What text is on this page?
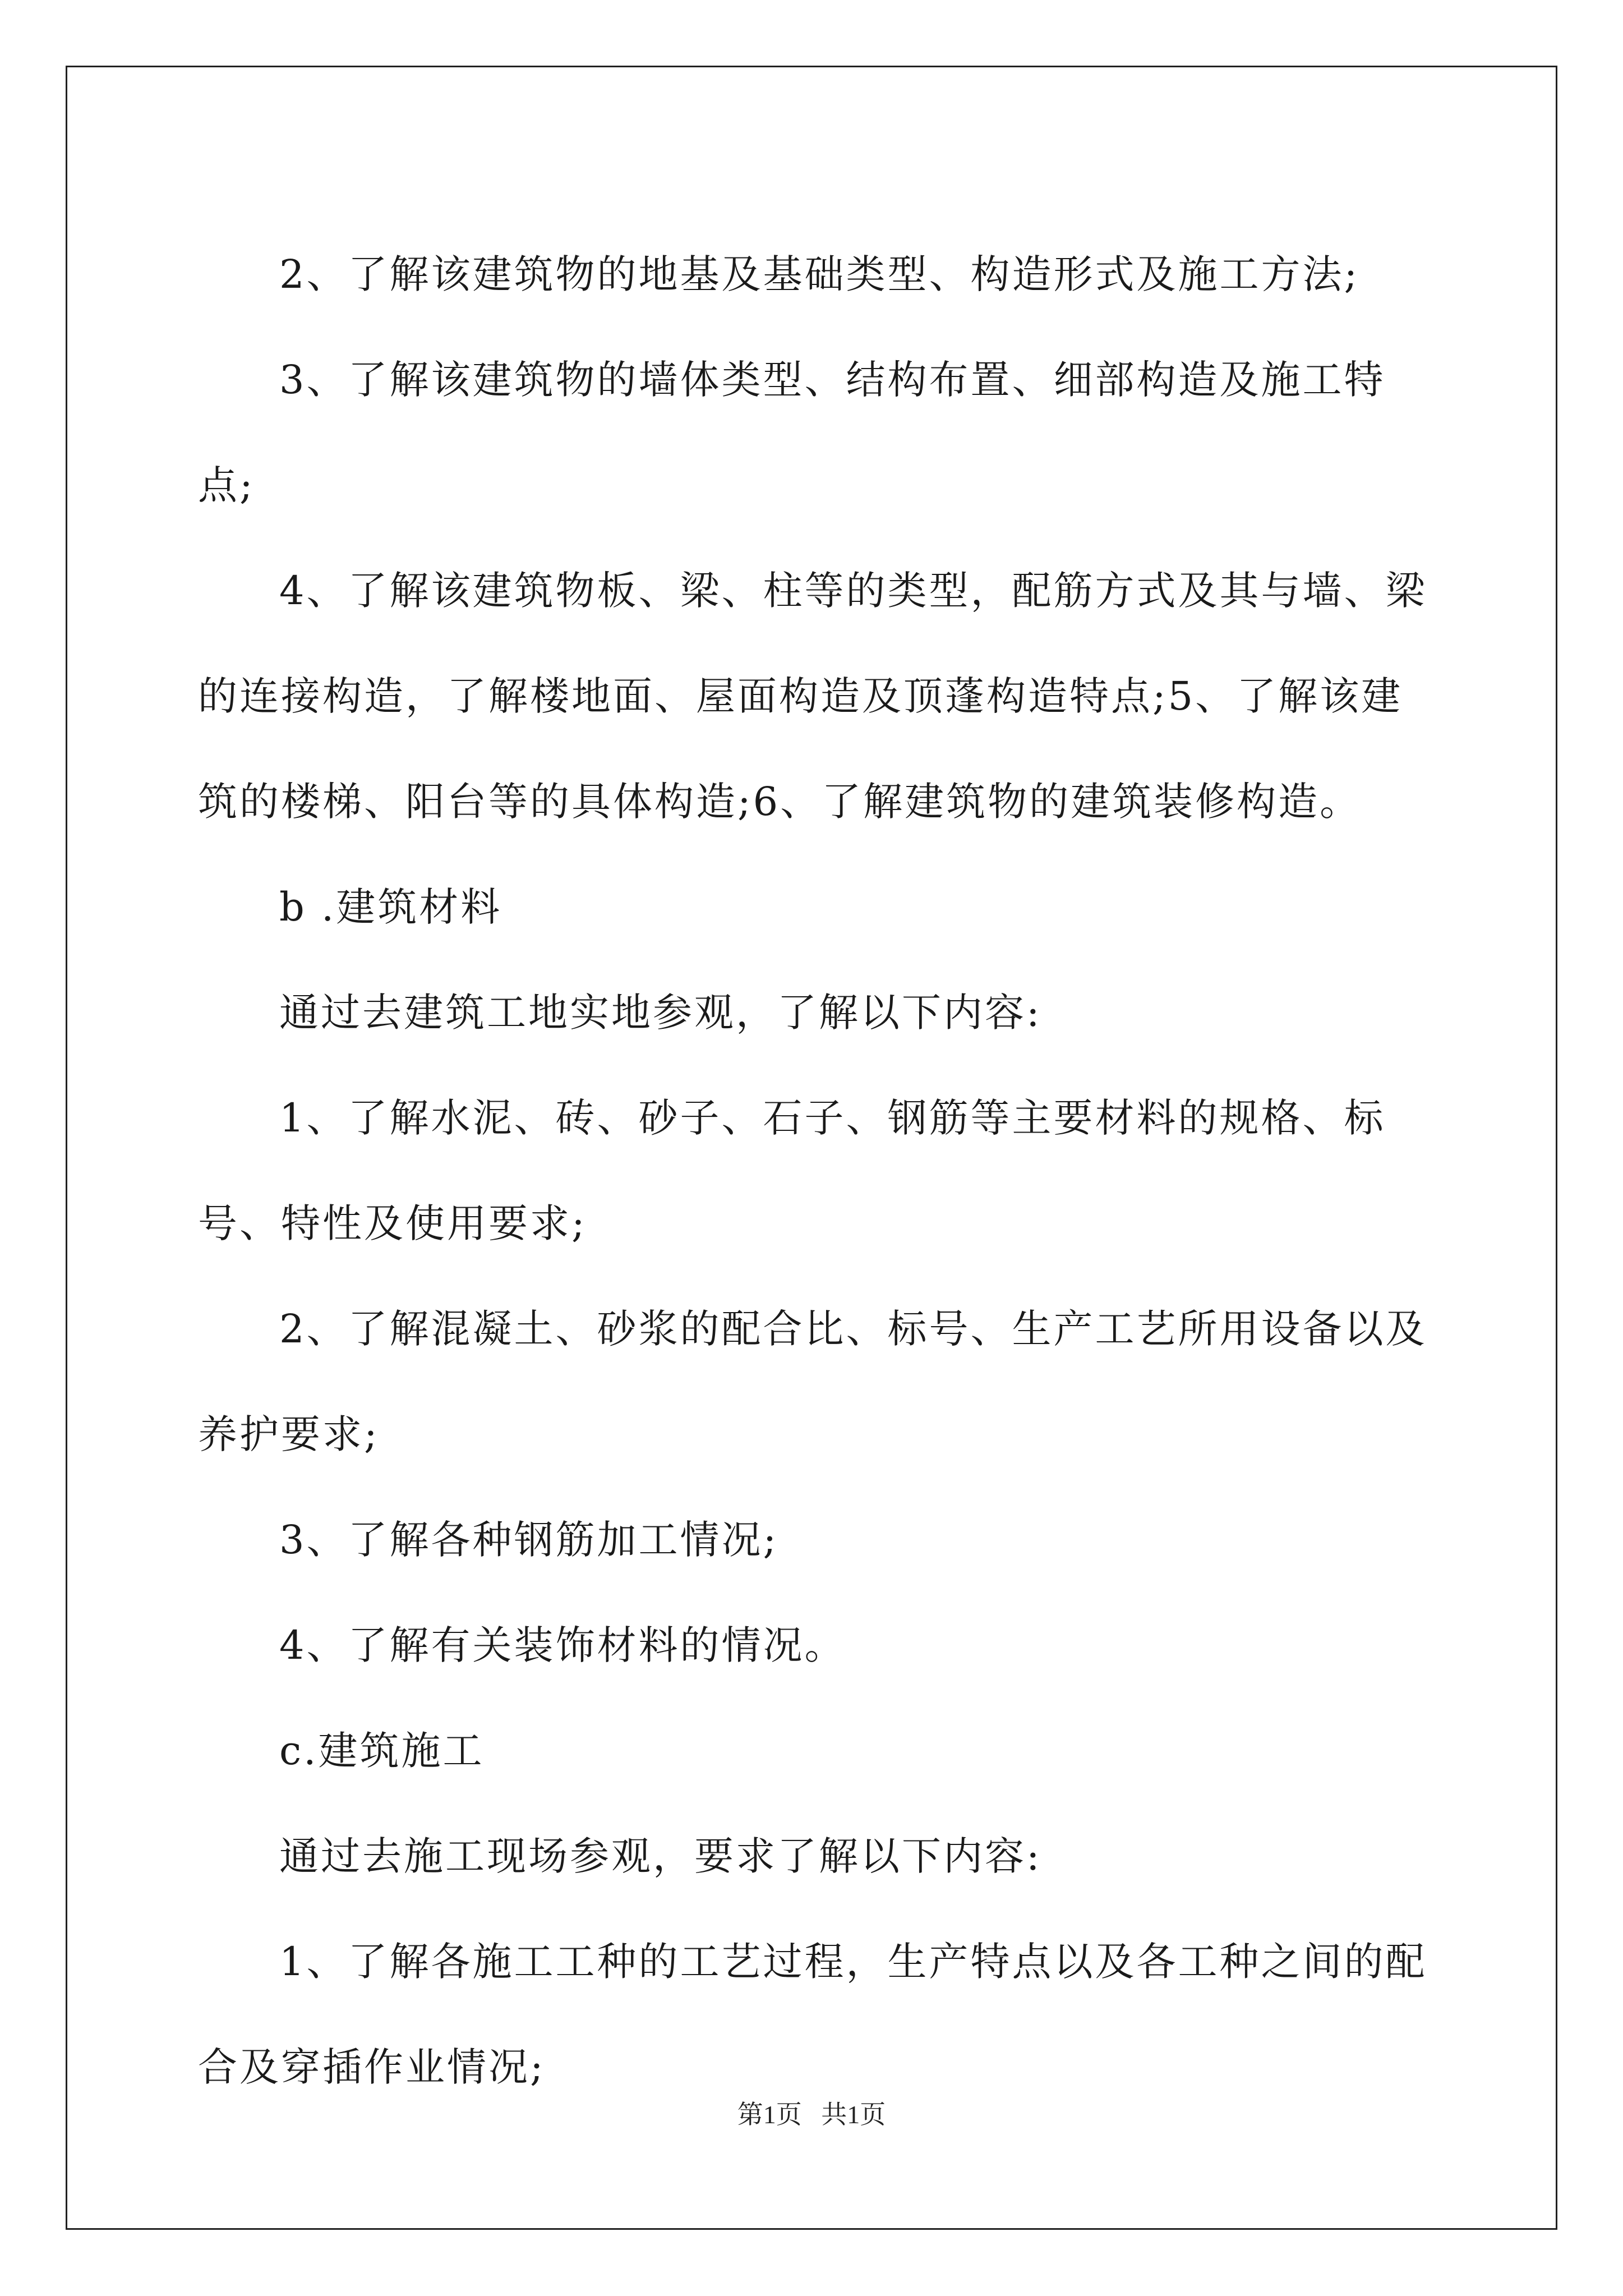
2、了解该建筑物的地基及基础类型、构造形式及施工方法;

3、了解该建筑物的墙体类型、结构布置、细部构造及施工特点;

4、了解该建筑物板、梁、柱等的类型，配筋方式及其与墙、梁的连接构造，了解楼地面、屋面构造及顶蓬构造特点;5、了解该建筑的楼梯、阳台等的具体构造;6、了解建筑物的建筑装修构造。

b .建筑材料

通过去建筑工地实地参观，了解以下内容:

1、了解水泥、砖、砂子、石子、钢筋等主要材料的规格、标号、特性及使用要求;

2、了解混凝土、砂浆的配合比、标号、生产工艺所用设备以及养护要求;

3、了解各种钢筋加工情况;

4、了解有关装饰材料的情况。

c.建筑施工

通过去施工现场参观，要求了解以下内容:

1、了解各施工工种的工艺过程，生产特点以及各工种之间的配合及穿插作业情况;

第1页 共1页
